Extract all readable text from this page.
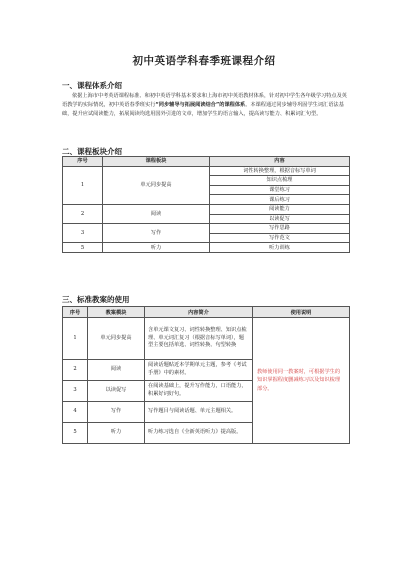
初中英语学科春季班课程介绍
一、课程体系介绍
依据上海市中考英语课程标准、和初中英语学科基本要求和上海市初中英语教材体系，针对初中学生各年级学习特点及英语教学的实际情况，初中英语春季班实行“同步辅导与拓展阅读结合”的课程体系。本课程通过同步辅导巩固学生词汇语法基础，提升应试阅读能力，拓展阅读均选用国外引进的文章，增加学生的语言输入，提高读写能力、积累词汇句型。
二、课程板块介绍
序号	课程板块	内容
1	单元同步提高	词性转换整理，根据音标写单词
		知识点梳理
		课堂练习
		课后练习
2	阅读	阅读能力
		以读促写
3	写作	写作思路
		写作范文
5	听力	听力训练
三、标准教案的使用
序号	教案模块	内容简介	使用说明
1	单元同步提高	含单元课文复习、词性转换整理、知识点梳理、单元词汇复习（根据音标写单词），题型主要包括单选、词性转换、句型转换	教师使用同一教案时，可根据学生的知识掌握程度删减练习以及知识梳理部分。
2	阅读	阅读话题贴近本学期单元主题，参考《考试手册》中的素材。	
3	以读促写	在阅读基础上，提升写作能力，口语能力，积累好词好句。	
4	写作	写作题目与阅读话题、单元主题相关。	
5	听力	听力练习选自《全新英语听力》提高版。	
